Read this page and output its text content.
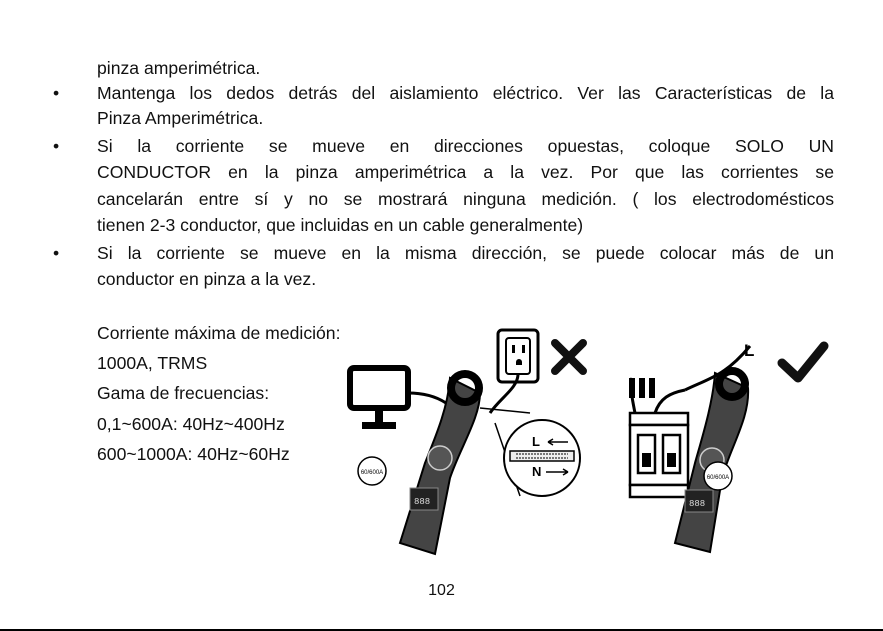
pinza amperimétrica.
• Mantenga los dedos detrás del aislamiento eléctrico. Ver las Características de la
Pinza Amperimétrica.
• Si la corriente se mueve en direcciones opuestas, coloque SOLO UN
CONDUCTOR en la pinza amperimétrica a la vez. Por que las corrientes se
cancelarán entre sí y no se mostrará ninguna medición. ( los electrodomésticos
tienen 2-3 conductor, que incluidas en un cable generalmente)
• Si la corriente se mueve en la misma dirección, se puede colocar más de un
conductor en pinza a la vez.
Corriente máxima de medición:
1000A, TRMS
Gama de frecuencias:
0,1~600A: 40Hz~400Hz
600~1000A: 40Hz~60Hz
888
60/600A
L
N
888
L
60/600A
102
